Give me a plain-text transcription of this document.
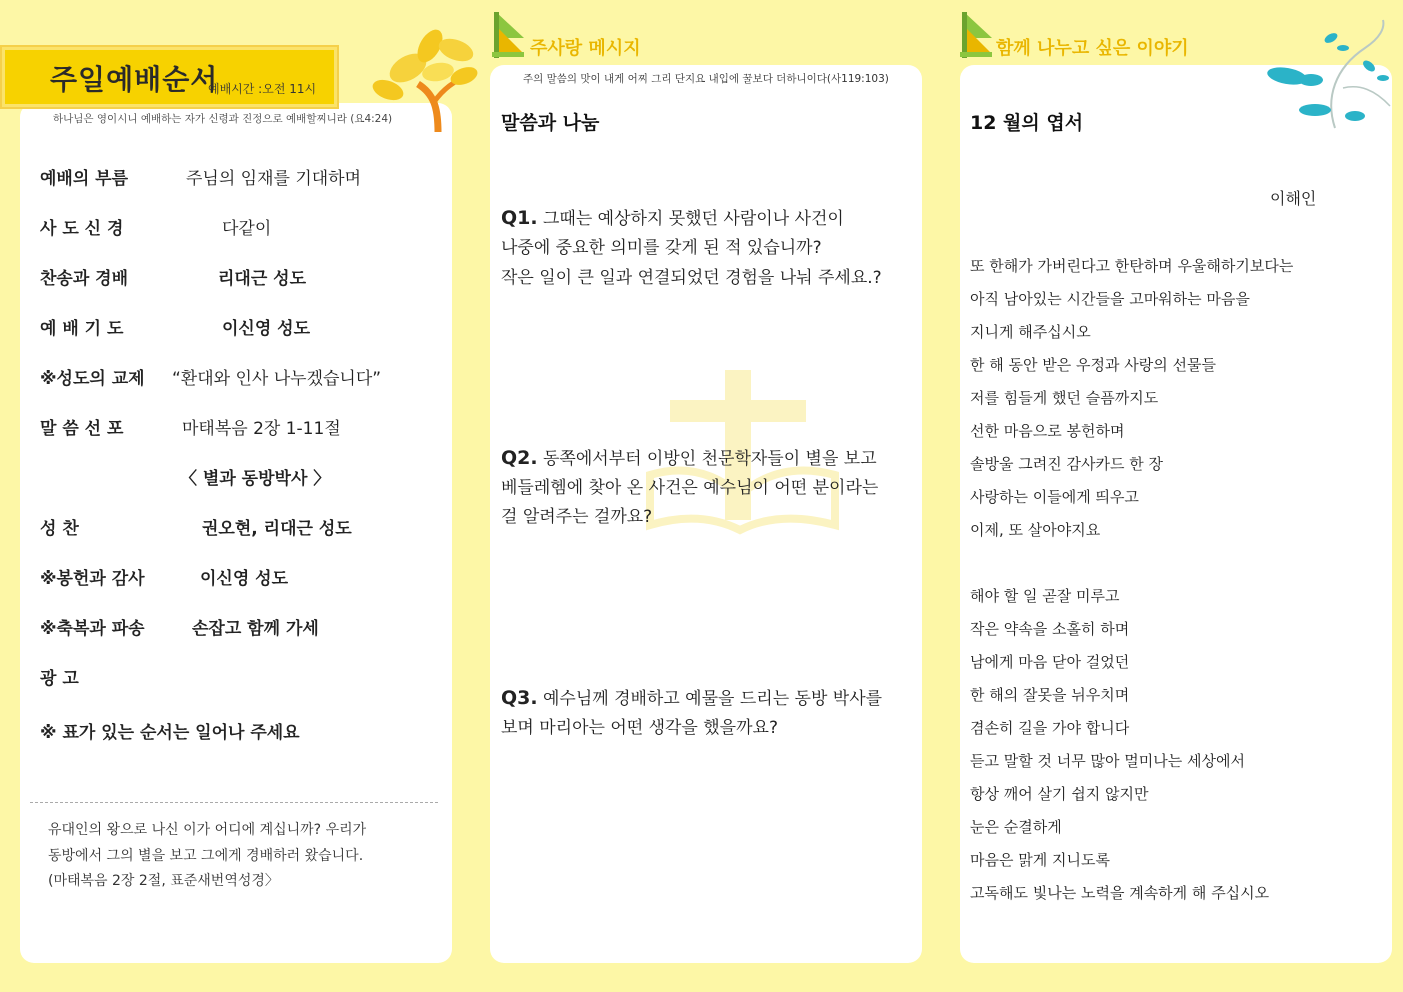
주일예배순서
예배시간 :오전 11시
하나님은 영이시니 예배하는 자가 신령과 진정으로 예배할찌니라 (요4:24)
예배의 부름	주님의 임재를 기대하며
사 도 신 경	다같이
찬송과 경배	리대근 성도
예 배 기 도	이신영 성도
※성도의 교제 “환대와 인사 나누겠습니다”
말 씀 선 포	마태복음 2장 1-11절
〈 별과 동방박사 〉
성 찬	권오현, 리대근 성도
※봉헌과 감사	이신영 성도
※축복과 파송	손잡고 함께 가세
광 고
※ 표가 있는 순서는 일어나 주세요
유대인의 왕으로 나신 이가 어디에 계십니까? 우리가
동방에서 그의 별을 보고 그에게 경배하러 왔습니다.
(마태복음 2장 2절, 표준새번역성경〉
주사랑 메시지
주의 말씀의 맛이 내게 어찌 그리 단지요 내입에 꿀보다 더하니이다(사119:103)
말씀과 나눔
Q1. 그때는 예상하지 못했던 사람이나 사건이
나중에 중요한 의미를 갖게 된 적 있습니까?
작은 일이 큰 일과 연결되었던 경험을 나눠 주세요.?
Q2. 동쪽에서부터 이방인 천문학자들이 별을 보고
베들레헴에 찾아 온 사건은 예수님이 어떤 분이라는
걸 알려주는 걸까요?
Q3. 예수님께 경배하고 예물을 드리는 동방 박사를
보며 마리아는 어떤 생각을 했을까요?
함께 나누고 싶은 이야기
12 월의 엽서
이해인
또 한해가 가버린다고 한탄하며 우울해하기보다는
아직 남아있는 시간들을 고마워하는 마음을
지니게 해주십시오
한 해 동안 받은 우정과 사랑의 선물들
저를 힘들게 했던 슬픔까지도
선한 마음으로 봉헌하며
솔방울 그려진 감사카드 한 장
사랑하는 이들에게 띄우고
이제, 또 살아야지요
해야 할 일 곧잘 미루고
작은 약속을 소홀히 하며
남에게 마음 닫아 걸었던
한 해의 잘못을 뉘우치며
겸손히 길을 가야 합니다
듣고 말할 것 너무 많아 멀미나는 세상에서
항상 깨어 살기 쉽지 않지만
눈은 순결하게
마음은 맑게 지니도록
고독해도 빛나는 노력을 계속하게 해 주십시오
